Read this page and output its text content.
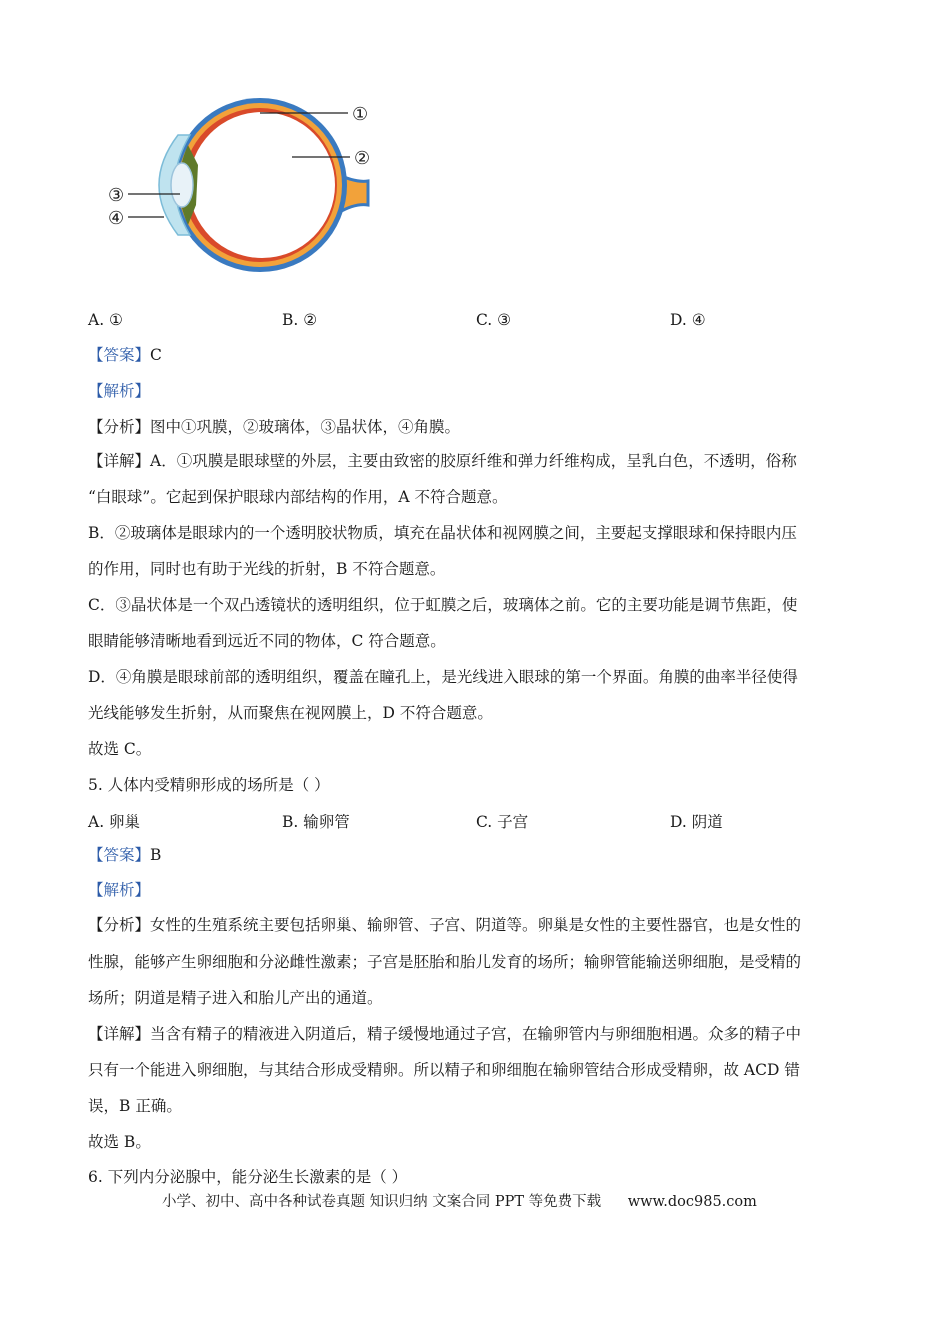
①
②
③
④
A. ①	B. ②	C. ③	D. ④
【答案】C
【解析】
【分析】图中①巩膜，②玻璃体，③晶状体，④角膜。
【详解】A．①巩膜是眼球壁的外层，主要由致密的胶原纤维和弹力纤维构成，呈乳白色，不透明，俗称
“白眼球”。它起到保护眼球内部结构的作用，A 不符合题意。
B．②玻璃体是眼球内的一个透明胶状物质，填充在晶状体和视网膜之间，主要起支撑眼球和保持眼内压
的作用，同时也有助于光线的折射，B 不符合题意。
C．③晶状体是一个双凸透镜状的透明组织，位于虹膜之后，玻璃体之前。它的主要功能是调节焦距，使
眼睛能够清晰地看到远近不同的物体，C 符合题意。
D．④角膜是眼球前部的透明组织，覆盖在瞳孔上，是光线进入眼球的第一个界面。角膜的曲率半径使得
光线能够发生折射，从而聚焦在视网膜上，D 不符合题意。
故选 C。
5. 人体内受精卵形成的场所是（ ）
A. 卵巢	B. 输卵管	C. 子宫	D. 阴道
【答案】B
【解析】
【分析】女性的生殖系统主要包括卵巢、输卵管、子宫、阴道等。卵巢是女性的主要性器官，也是女性的
性腺，能够产生卵细胞和分泌雌性激素；子宫是胚胎和胎儿发育的场所；输卵管能输送卵细胞，是受精的
场所；阴道是精子进入和胎儿产出的通道。
【详解】当含有精子的精液进入阴道后，精子缓慢地通过子宫，在输卵管内与卵细胞相遇。众多的精子中
只有一个能进入卵细胞，与其结合形成受精卵。所以精子和卵细胞在输卵管结合形成受精卵，故 ACD 错
误，B 正确。
故选 B。
6. 下列内分泌腺中，能分泌生长激素的是（ ）
小学、初中、高中各种试卷真题 知识归纳 文案合同 PPT 等免费下载 www.doc985.com
